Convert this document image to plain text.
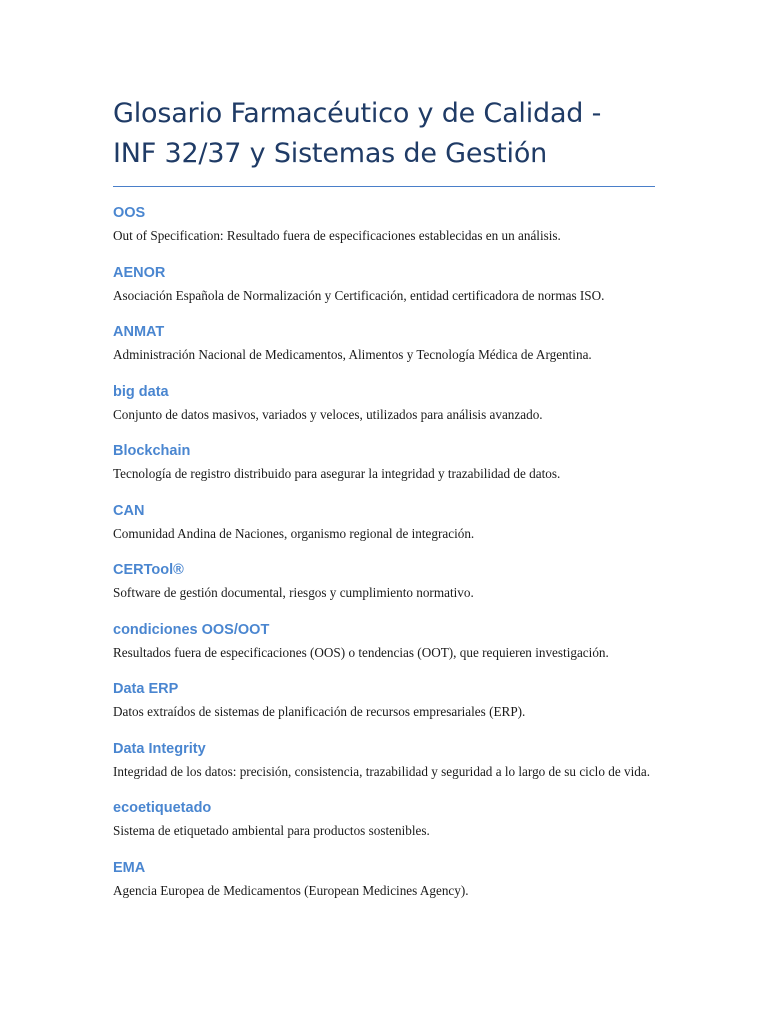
Glosario Farmacéutico y de Calidad -
INF 32/37 y Sistemas de Gestión
OOS
Out of Specification: Resultado fuera de especificaciones establecidas en un análisis.
AENOR
Asociación Española de Normalización y Certificación, entidad certificadora de normas ISO.
ANMAT
Administración Nacional de Medicamentos, Alimentos y Tecnología Médica de Argentina.
big data
Conjunto de datos masivos, variados y veloces, utilizados para análisis avanzado.
Blockchain
Tecnología de registro distribuido para asegurar la integridad y trazabilidad de datos.
CAN
Comunidad Andina de Naciones, organismo regional de integración.
CERTool®
Software de gestión documental, riesgos y cumplimiento normativo.
condiciones OOS/OOT
Resultados fuera de especificaciones (OOS) o tendencias (OOT), que requieren investigación.
Data ERP
Datos extraídos de sistemas de planificación de recursos empresariales (ERP).
Data Integrity
Integridad de los datos: precisión, consistencia, trazabilidad y seguridad a lo largo de su ciclo de vida.
ecoetiquetado
Sistema de etiquetado ambiental para productos sostenibles.
EMA
Agencia Europea de Medicamentos (European Medicines Agency).
